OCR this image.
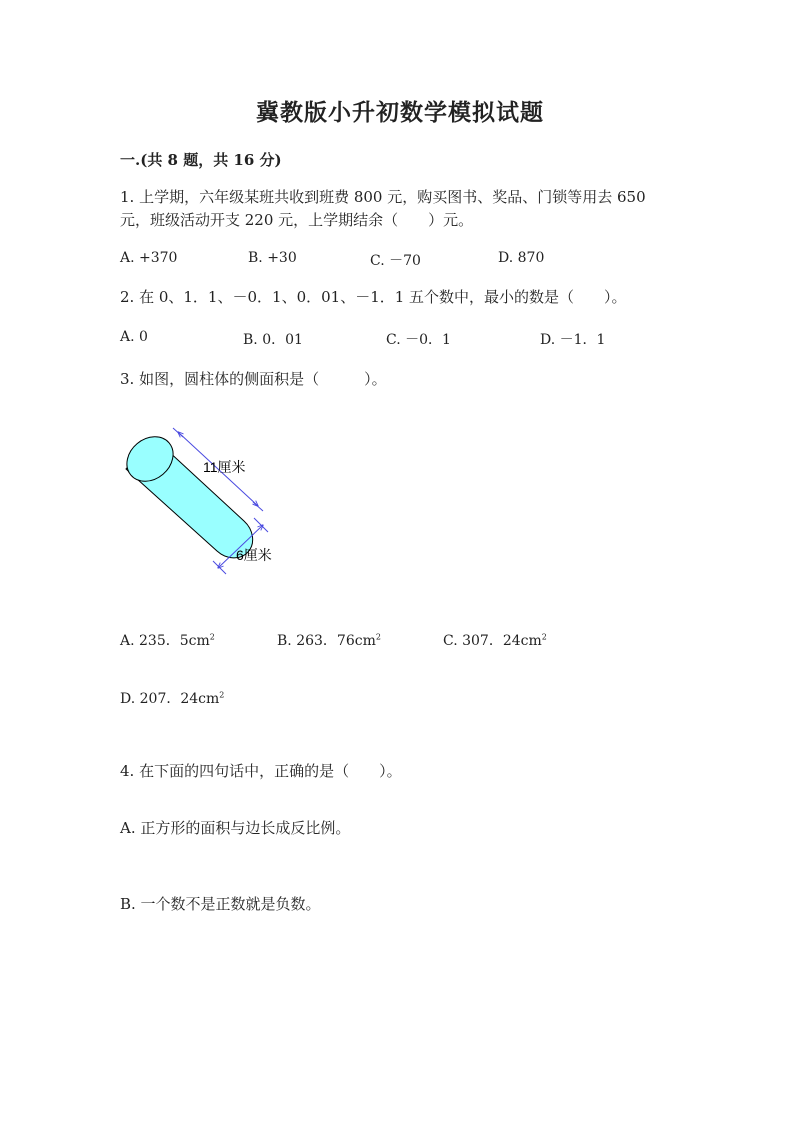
冀教版小升初数学模拟试题
一.(共 8 题，共 16 分)
1. 上学期，六年级某班共收到班费 800 元，购买图书、奖品、门锁等用去 650
元，班级活动开支 220 元，上学期结余（　　）元。
A. +370	B. +30	C. －70	D. 870
2. 在 0、1．1、－0．1、0．01、－1．1 五个数中，最小的数是（　　）。
A. 0	B. 0．01	C. －0．1	D. －1．1
3. 如图，圆柱体的侧面积是（　　　）。
11厘米
6厘米
A. 235．$5cm^2$	B. 263．$76cm^2$	C. 307．$24cm^2$
D. 207．$24cm^2$
4. 在下面的四句话中，正确的是（　　）。
A. 正方形的面积与边长成反比例。
B. 一个数不是正数就是负数。
